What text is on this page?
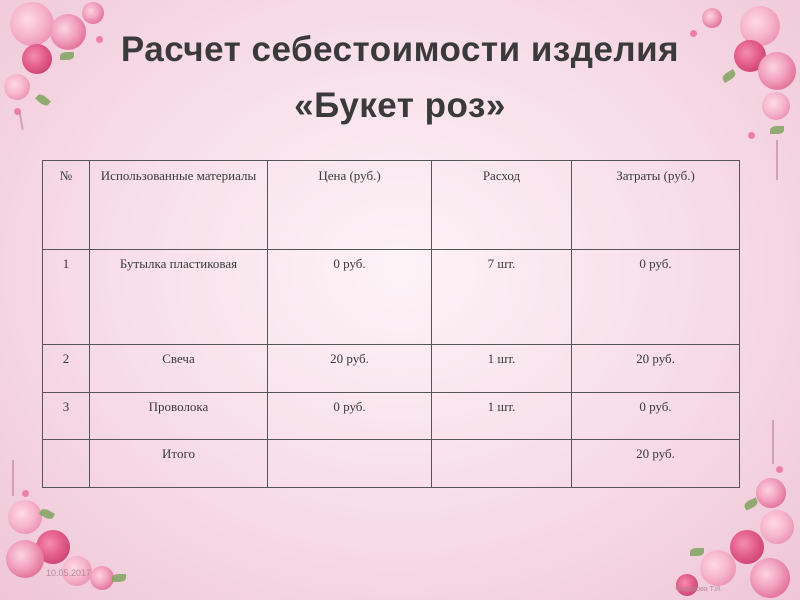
Расчет себестоимости изделия
«Букет роз»
№	Использованные материалы	Цена (руб.)	Расход	Затраты (руб.)
1	Бутылка пластиковая	0 руб.	7 шт.	0 руб.
2	Свеча	20 руб.	1 шт.	20 руб.
3	Проволока	0 руб.	1 шт.	0 руб.
	Итого			20 руб.
10.05.2017
Федорова Т.И.
